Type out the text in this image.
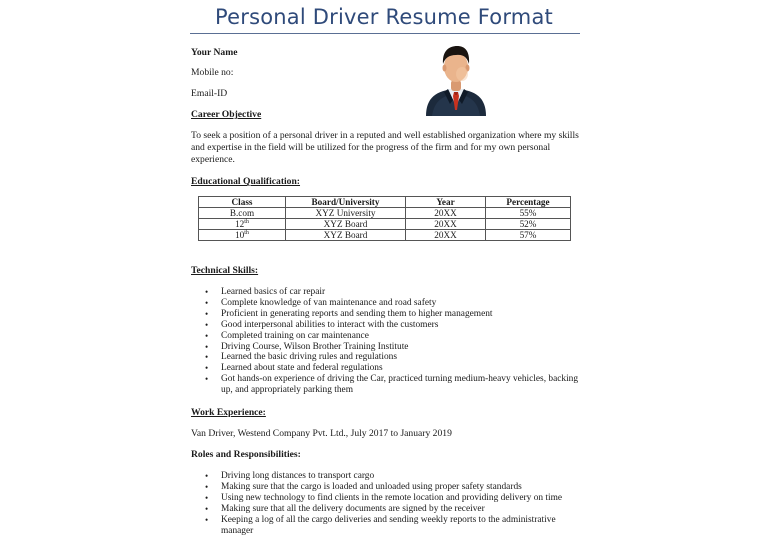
Personal Driver Resume Format
Your Name
Mobile no:
Email-ID
Career Objective
To seek a position of a personal driver in a reputed and well established organization where my skills and expertise in the field will be utilized for the progress of the firm and for my own personal experience.
Educational Qualification:
Class	Board/University	Year	Percentage
B.com	XYZ University	20XX	55%
12th	XYZ Board	20XX	52%
10th	XYZ Board	20XX	57%
Technical Skills:
• Learned basics of car repair
• Complete knowledge of van maintenance and road safety
• Proficient in generating reports and sending them to higher management
• Good interpersonal abilities to interact with the customers
• Completed training on car maintenance
• Driving Course, Wilson Brother Training Institute
• Learned the basic driving rules and regulations
• Learned about state and federal regulations
• Got hands-on experience of driving the Car, practiced turning medium-heavy vehicles, backing up, and appropriately parking them
Work Experience:
Van Driver, Westend Company Pvt. Ltd., July 2017 to January 2019
Roles and Responsibilities:
• Driving long distances to transport cargo
• Making sure that the cargo is loaded and unloaded using proper safety standards
• Using new technology to find clients in the remote location and providing delivery on time
• Making sure that all the delivery documents are signed by the receiver
• Keeping a log of all the cargo deliveries and sending weekly reports to the administrative manager
